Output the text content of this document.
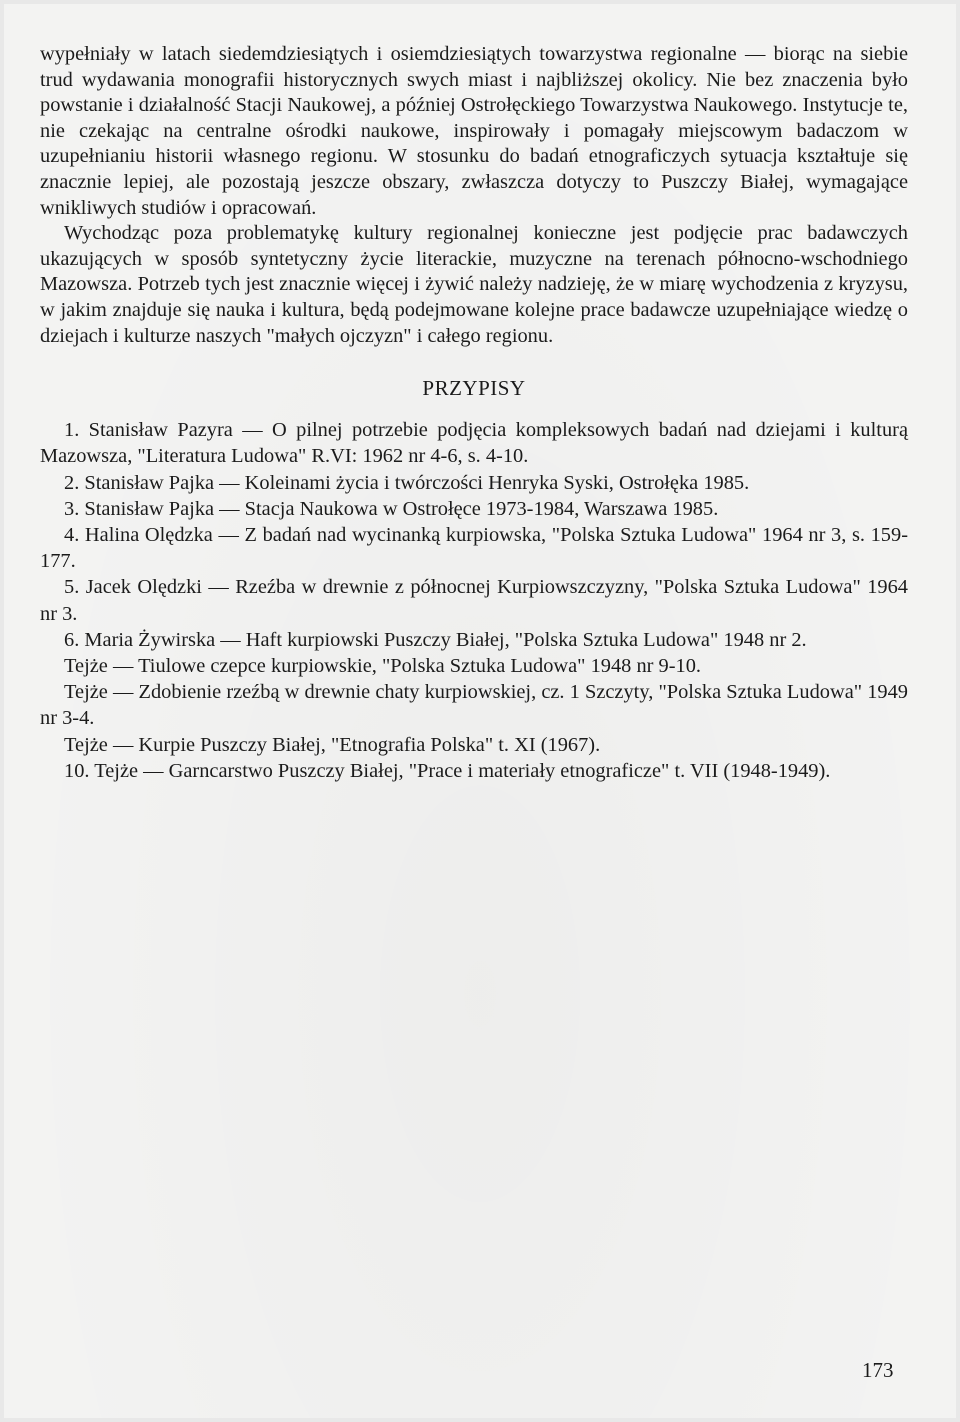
wypełniały w latach siedemdziesiątych i osiemdziesiątych towarzystwa regionalne — biorąc na siebie trud wydawania monografii historycznych swych miast i najbliższej okolicy. Nie bez znaczenia było powstanie i działalność Stacji Naukowej, a później Ostrołęckiego Towarzystwa Naukowego. Instytucje te, nie czekając na centralne ośrodki naukowe, inspirowały i pomagały miejscowym badaczom w uzupełnianiu historii własnego regionu. W stosunku do badań etnograficzych sytuacja kształtuje się znacznie lepiej, ale pozostają jeszcze obszary, zwłaszcza dotyczy to Puszczy Białej, wymagające wnikliwych studiów i opracowań.

Wychodząc poza problematykę kultury regionalnej konieczne jest podjęcie prac badawczych ukazujących w sposób syntetyczny życie literackie, muzyczne na terenach północno-wschodniego Mazowsza. Potrzeb tych jest znacznie więcej i żywić należy nadzieję, że w miarę wychodzenia z kryzysu, w jakim znajduje się nauka i kultura, będą podejmowane kolejne prace badawcze uzupełniające wiedzę o dziejach i kulturze naszych "małych ojczyzn" i całego regionu.

PRZYPISY

1. Stanisław Pazyra — O pilnej potrzebie podjęcia kompleksowych badań nad dziejami i kulturą Mazowsza, "Literatura Ludowa" R.VI: 1962 nr 4-6, s. 4-10.

2. Stanisław Pajka — Koleinami życia i twórczości Henryka Syski, Ostrołęka 1985.

3. Stanisław Pajka — Stacja Naukowa w Ostrołęce 1973-1984, Warszawa 1985.

4. Halina Olędzka — Z badań nad wycinanką kurpiowska, "Polska Sztuka Ludowa" 1964 nr 3, s. 159-177.

5. Jacek Olędzki — Rzeźba w drewnie z północnej Kurpiowszczyzny, "Polska Sztuka Ludowa" 1964 nr 3.

6. Maria Żywirska — Haft kurpiowski Puszczy Białej, "Polska Sztuka Ludowa" 1948 nr 2.

Tejże — Tiulowe czepce kurpiowskie, "Polska Sztuka Ludowa" 1948 nr 9-10.

Tejże — Zdobienie rzeźbą w drewnie chaty kurpiowskiej, cz. 1 Szczyty, "Polska Sztuka Ludowa" 1949 nr 3-4.

Tejże — Kurpie Puszczy Białej, "Etnografia Polska" t. XI (1967).

10. Tejże — Garncarstwo Puszczy Białej, "Prace i materiały etnograficze" t. VII (1948-1949).

173
